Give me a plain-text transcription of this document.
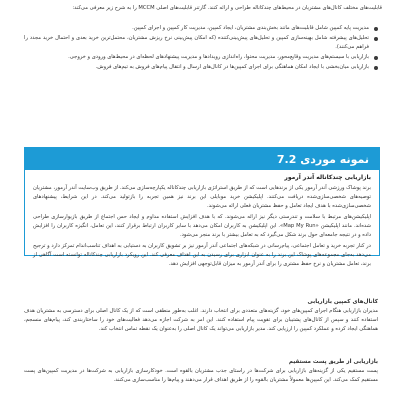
قابلیت‌های مختلف کانال‌های مشتریان در محیط‌های چندکاناله طراحی و ارائه کنند. گارتنر قابلیت‌های اصلی MCCM را به شرح زیر معرفی می‌کند:
مدیریت پایه کمپین شامل قابلیت‌های مانند بخش‌بندی مشتریان، ایجاد کمپین، مدیریت کار کمپین و اجرای کمپین.
تحلیل‌های پیشرفته شامل بهینه‌سازی کمپین و تحلیل‌های پیش‌بینی‌کننده (که امکان پیش‌بینی نرخ ریزش مشتریان، محتمل‌ترین خرید بعدی و احتمال خرید مجدد را فراهم می‌کنند).
بازاریابی با سیستم‌های مدیریت وقایع‌محور، مدیریت محتوا، راه‌اندازی رویدادها و مدیریت پیشنهادهای لحظه‌ای در محیط‌های ورودی و خروجی.
بازاریابی میان‌بخشی با ایجاد امکان هماهنگی برای اجرای کمپین‌ها در کانال‌های ارسال و انتقال پیام‌های فروش به تیم‌های فروش.
نمونه موردی 7.2
بازاریابی چندکاناله آندر آرمور

برند پوشاک ورزشی آندر آرمور یکی از برندهایی است که از طریق استراتژی بازاریابی چندکاناله یکپارچه‌سازی می‌کند. از طریق وب‌سایت آندر آرمور، مشتریان توصیه‌های شخصی‌سازی‌شده دریافت می‌کنند. اپلیکیشن خرید موبایلی این برند نیز همین تجربه را بازتولید می‌کند. در این شرایط، پیشنهادهای شخصی‌سازی‌شده با هدف ایجاد تعامل و حفظ مشتریان فعلی ارائه می‌شوند.

اپلیکیشن‌های مرتبط با سلامت و تندرستی دیگر نیز ارائه می‌شوند. که با هدف افزایش استفاده مداوم و ایجاد حس اجتماع از طریق بازیوارسازی طراحی شده‌اند. مانند اپلیکیشن «Map My Run». این اپلیکیشن به کاربران امکان می‌دهد با سایر کاربران ارتباط برقرار کنند، این تعامل، انگیزه کاربران را افزایش داده و در نتیجه جامعه‌ای حول برند شکل می‌گیرد که به تعامل بیشتر با برند منجر می‌شود.

در کنار تجربه خرید و تعامل اجتماعی، پیام‌رسانی در شبکه‌های اجتماعی آندر آرمور نیز بر تشویق کاربران به دستیابی به اهداف تناسب‌اندام تمرکز دارد و ترجیح می‌دهد به‌جای مجموعه‌های پوشاک این برند را به عنوان ابزاری برای رسیدن به این اهداف معرفی کند. این رویکرد بازاریابی چندکاناله توانسته است آگاهی از برند، تعامل مشتریان و نرخ حفظ مشتری را برای آندر آرمور به میزان قابل‌توجهی افزایش دهد.

کانال‌های کمپین بازاریابی

مدیران بازاریابی هنگام اجرای کمپین‌های خود، گزینه‌های متعددی برای انتخاب دارند. اغلب به‌طور منطقی است که از یک کانال اصلی برای دسترسی به مشتریان هدف استفاده کنند و سپس از کانال‌های پشتیبان برای تقویت پیام استفاده کنند. این امر به شرکت اجازه می‌دهد فعالیت‌های خود را ساختاربندی کند، پیام‌های منسجم، هماهنگی ایجاد کرده و عملکرد کمپین را ارزیابی کند. مدیر بازاریابی می‌تواند یک کانال اصلی را به‌عنوان یک نقطه تماس انتخاب کند.

بازاریابی از طریق پست مستقیم

پست مستقیم یکی از گزینه‌های بازاریابی برای شرکت‌ها در راستای جذب مشتریان بالقوه است. خودکارسازی بازاریابی به شرکت‌ها در مدیریت کمپین‌های پست مستقیم کمک می‌کند. این کمپین‌ها معمولاً مشتریان بالقوه را از طریق اهداف قرار می‌دهند و پیام‌ها را مناسب‌سازی می‌کنند.
